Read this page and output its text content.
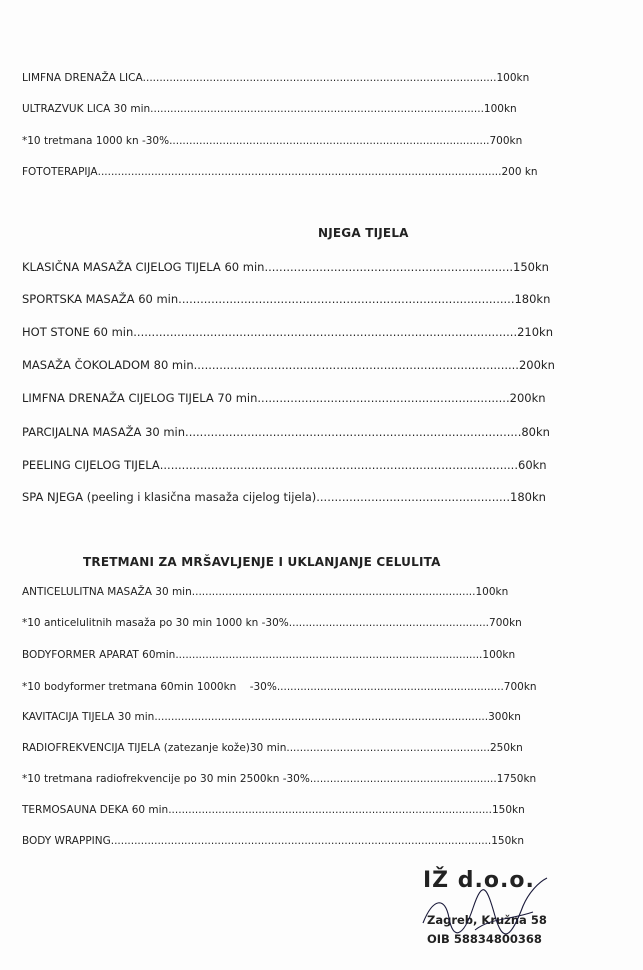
LIMFNA DRENAŽA LICA..........................................................................................................100kn
ULTRAZVUK LICA 30 min....................................................................................................100kn
*10 tretmana 1000 kn -30%................................................................................................700kn
FOTOTERAPIJA.........................................................................................................................200 kn
NJEGA TIJELA
KLASIČNA MASAŽA CIJELOG TIJELA 60 min....................................................................150kn
SPORTSKA MASAŽA 60 min............................................................................................180kn
HOT STONE 60 min.........................................................................................................210kn
MASAŽA ČOKOLADOM 80 min.........................................................................................200kn
LIMFNA DRENAŽA CIJELOG TIJELA 70 min.....................................................................200kn
PARCIJALNA MASAŽA 30 min............................................................................................80kn
PEELING CIJELOG TIJELA..................................................................................................60kn
SPA NJEGA (peeling i klasična masaža cijelog tijela).....................................................180kn
TRETMANI ZA MRŠAVLJENJE I UKLANJANJE CELULITA
ANTICELULITNA MASAŽA 30 min.....................................................................................100kn
*10 anticelulitnih masaža po 30 min 1000 kn -30%............................................................700kn
BODYFORMER APARAT 60min............................................................................................100kn
*10 bodyformer tretmana 60min 1000kn    -30%....................................................................700kn
KAVITACIJA TIJELA 30 min....................................................................................................300kn
RADIOFREKVENCIJA TIJELA (zatezanje kože)30 min.............................................................250kn
*10 tretmana radiofrekvencije po 30 min 2500kn -30%........................................................1750kn
TERMOSAUNA DEKA 60 min.................................................................................................150kn
BODY WRAPPING..................................................................................................................150kn
IŽ d.o.o.
Zagreb, Kružna 58
OIB 58834800368
